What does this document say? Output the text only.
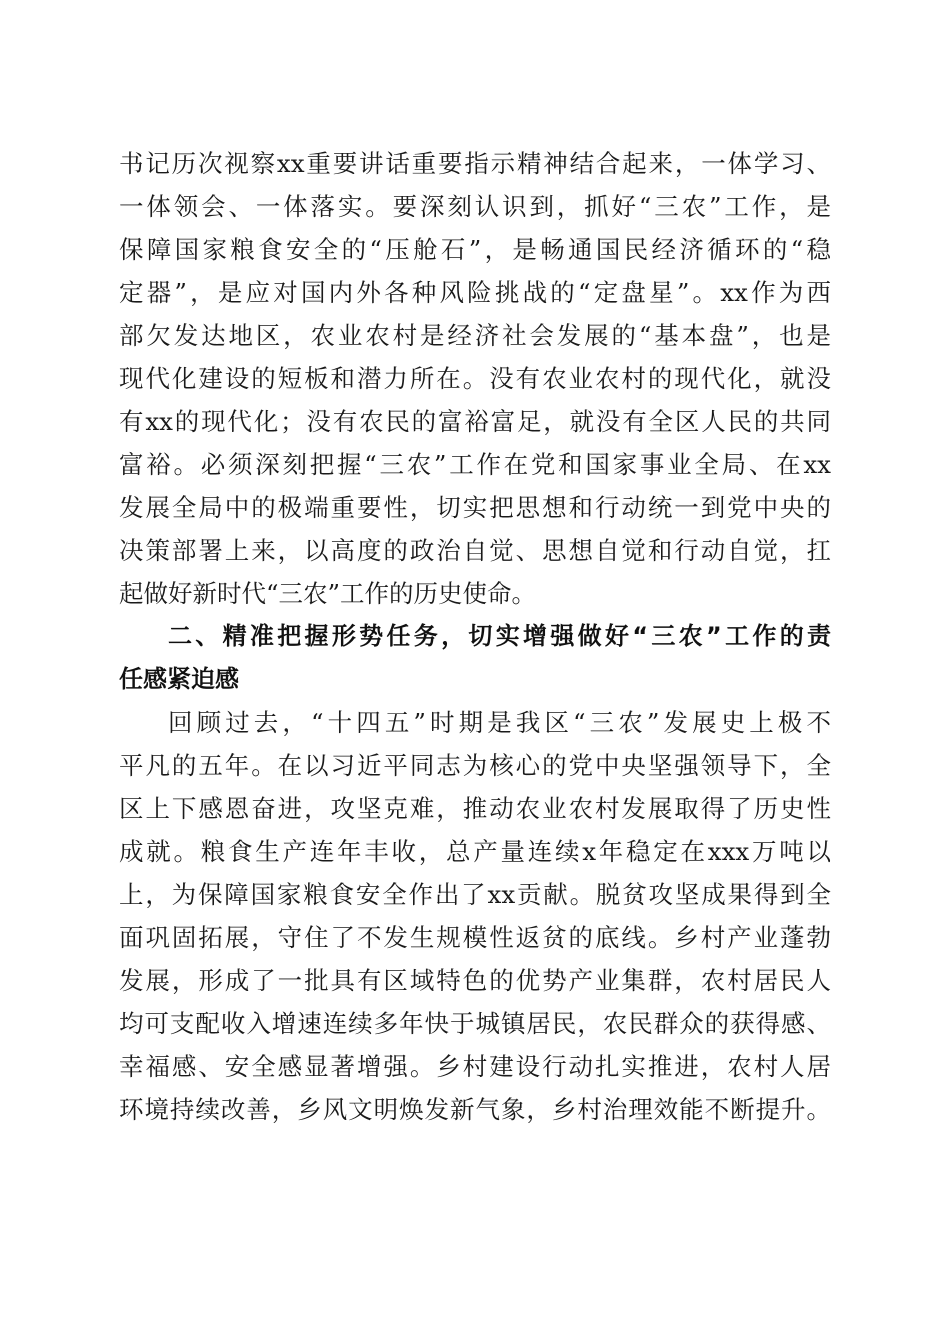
书记历次视察xx重要讲话重要指示精神结合起来，一体学习、
一体领会、一体落实。要深刻认识到，抓好“三农”工作，是
保障国家粮食安全的“压舱石”，是畅通国民经济循环的“稳
定器”，是应对国内外各种风险挑战的“定盘星”。xx作为西
部欠发达地区，农业农村是经济社会发展的“基本盘”，也是
现代化建设的短板和潜力所在。没有农业农村的现代化，就没
有xx的现代化；没有农民的富裕富足，就没有全区人民的共同
富裕。必须深刻把握“三农”工作在党和国家事业全局、在xx
发展全局中的极端重要性，切实把思想和行动统一到党中央的
决策部署上来，以高度的政治自觉、思想自觉和行动自觉，扛
起做好新时代“三农”工作的历史使命。
二、精准把握形势任务，切实增强做好“三农”工作的责
任感紧迫感
回顾过去，“十四五”时期是我区“三农”发展史上极不
平凡的五年。在以习近平同志为核心的党中央坚强领导下，全
区上下感恩奋进，攻坚克难，推动农业农村发展取得了历史性
成就。粮食生产连年丰收，总产量连续x年稳定在xxx万吨以
上，为保障国家粮食安全作出了xx贡献。脱贫攻坚成果得到全
面巩固拓展，守住了不发生规模性返贫的底线。乡村产业蓬勃
发展，形成了一批具有区域特色的优势产业集群，农村居民人
均可支配收入增速连续多年快于城镇居民，农民群众的获得感、
幸福感、安全感显著增强。乡村建设行动扎实推进，农村人居
环境持续改善，乡风文明焕发新气象，乡村治理效能不断提升。
